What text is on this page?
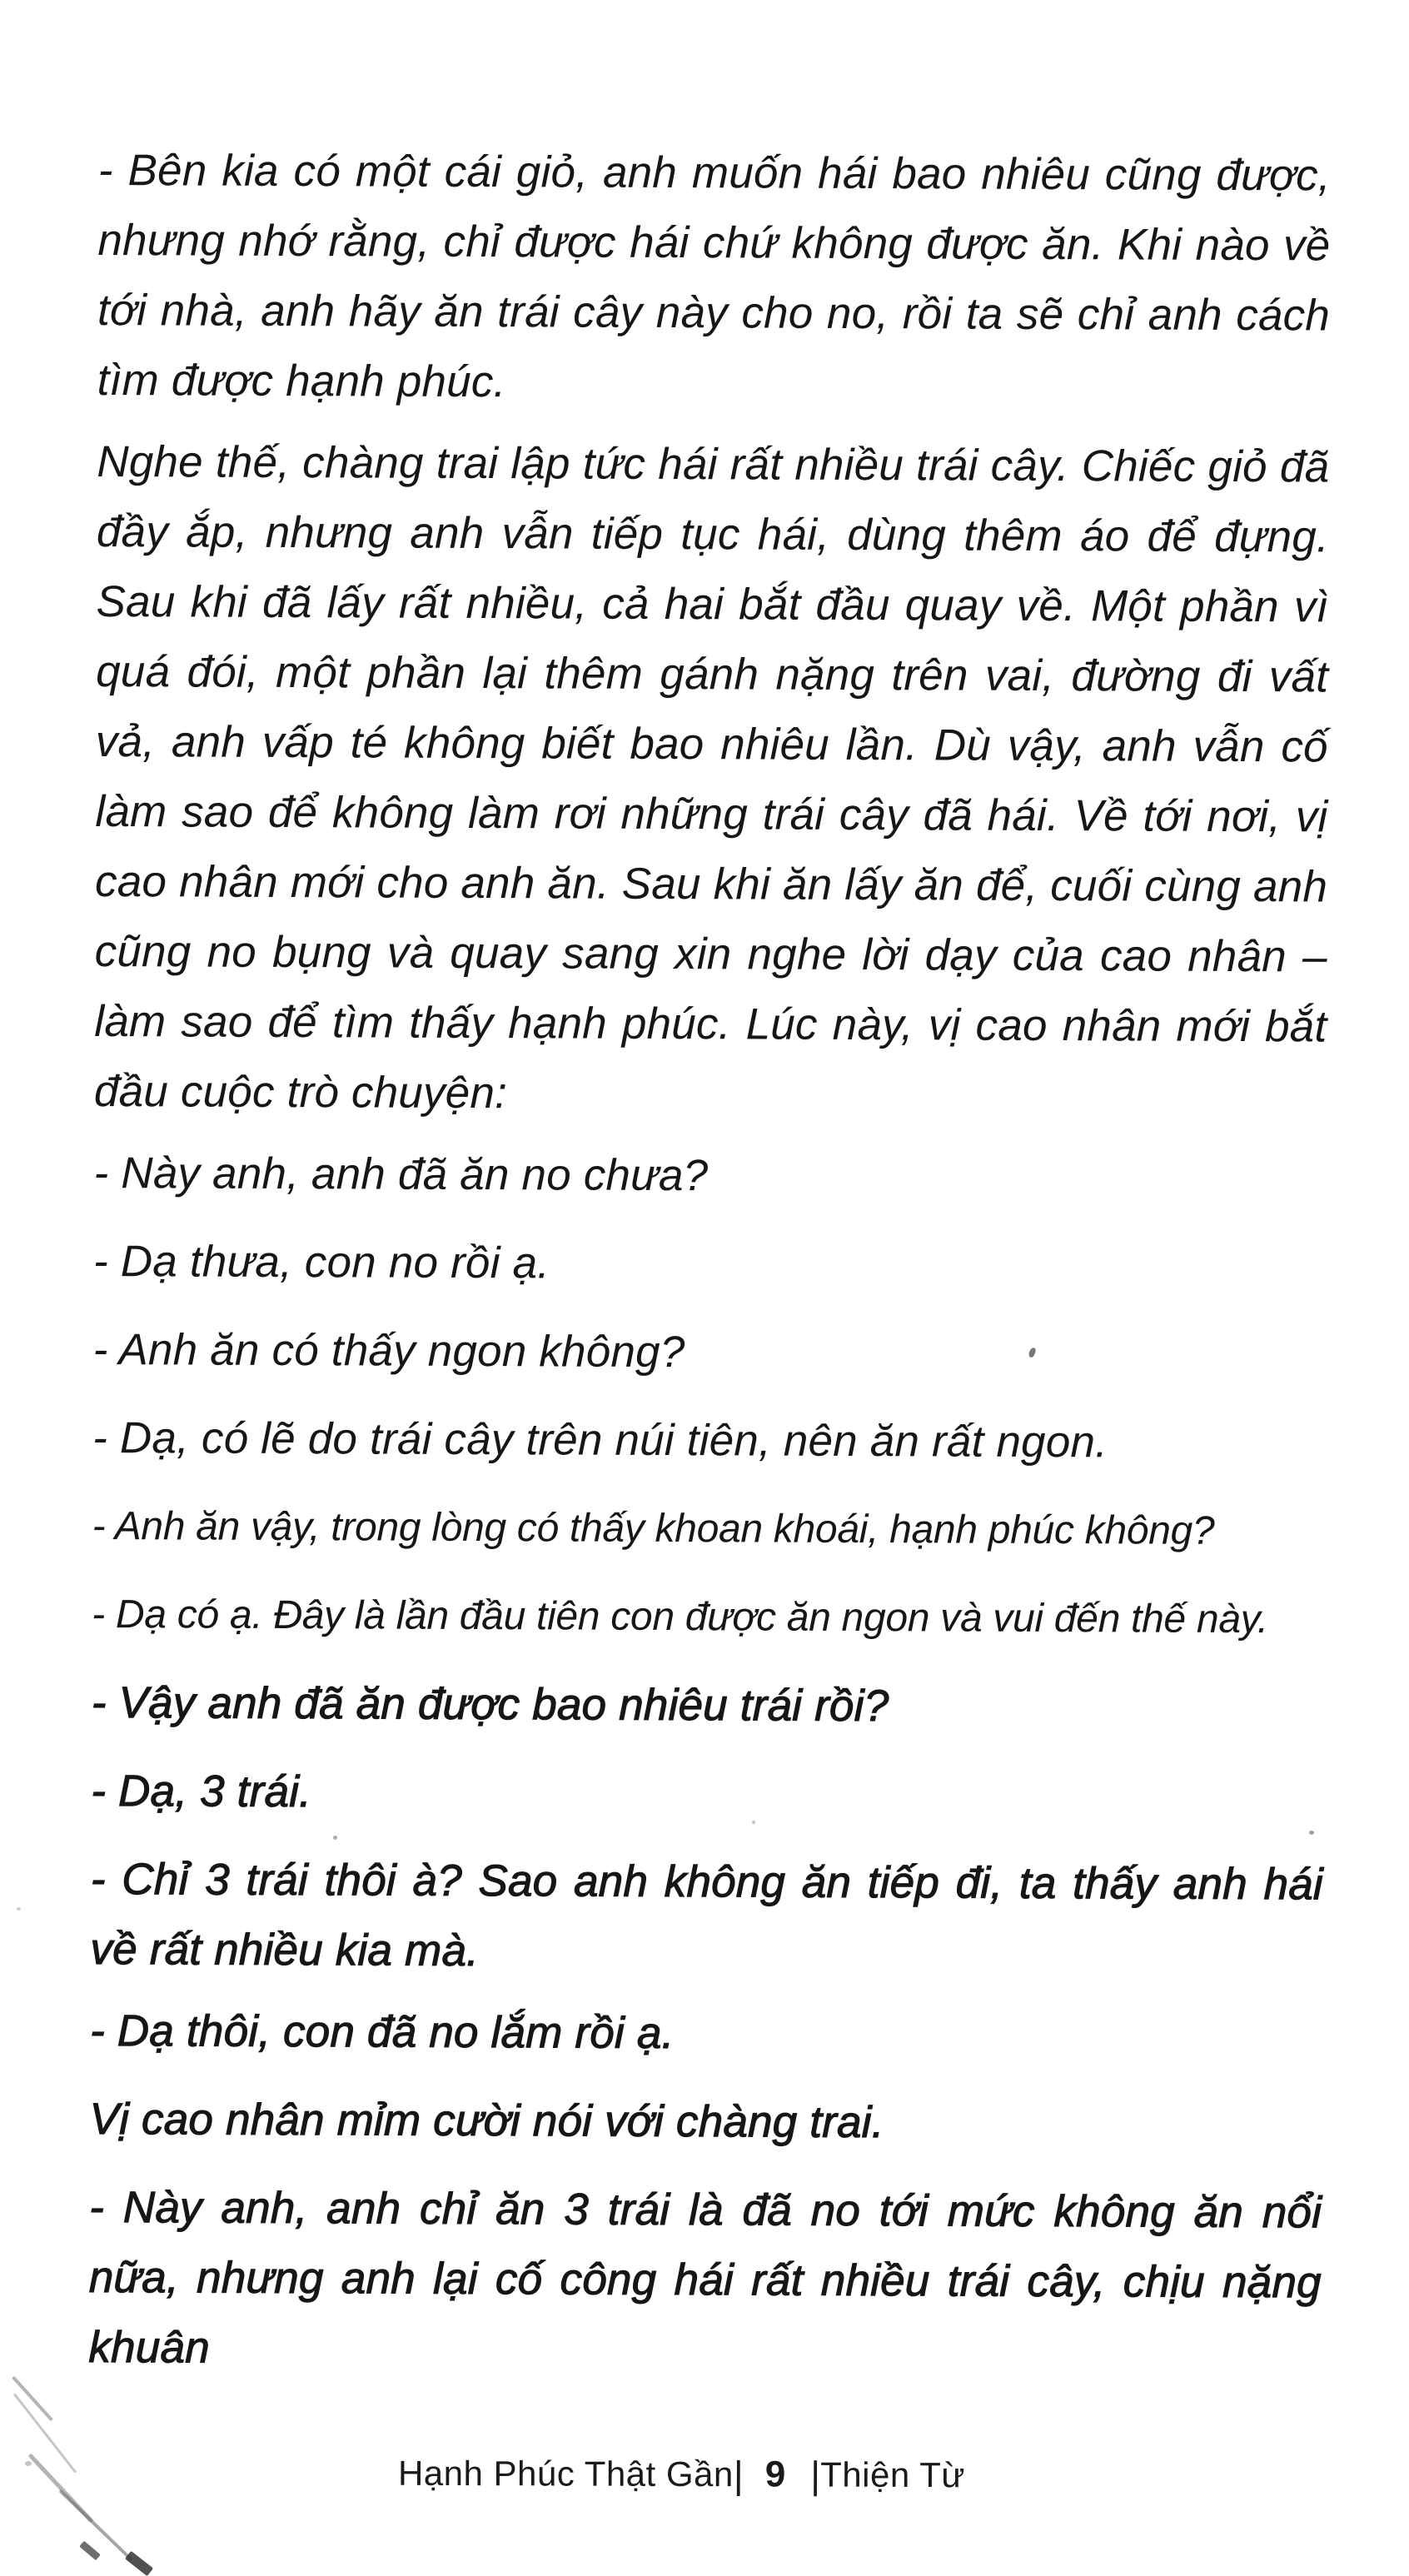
- Bên kia có một cái giỏ, anh muốn hái bao nhiêu cũng được, nhưng nhớ rằng, chỉ được hái chứ không được ăn. Khi nào về tới nhà, anh hãy ăn trái cây này cho no, rồi ta sẽ chỉ anh cách tìm được hạnh phúc.

Nghe thế, chàng trai lập tức hái rất nhiều trái cây. Chiếc giỏ đã đầy ắp, nhưng anh vẫn tiếp tục hái, dùng thêm áo để đựng. Sau khi đã lấy rất nhiều, cả hai bắt đầu quay về. Một phần vì quá đói, một phần lại thêm gánh nặng trên vai, đường đi vất vả, anh vấp té không biết bao nhiêu lần. Dù vậy, anh vẫn cố làm sao để không làm rơi những trái cây đã hái. Về tới nơi, vị cao nhân mới cho anh ăn. Sau khi ăn lấy ăn để, cuối cùng anh cũng no bụng và quay sang xin nghe lời dạy của cao nhân – làm sao để tìm thấy hạnh phúc. Lúc này, vị cao nhân mới bắt đầu cuộc trò chuyện:

- Này anh, anh đã ăn no chưa?

- Dạ thưa, con no rồi ạ.

- Anh ăn có thấy ngon không?

- Dạ, có lẽ do trái cây trên núi tiên, nên ăn rất ngon.

- Anh ăn vậy, trong lòng có thấy khoan khoái, hạnh phúc không?

- Dạ có ạ. Đây là lần đầu tiên con được ăn ngon và vui đến thế này.

- Vậy anh đã ăn được bao nhiêu trái rồi?

- Dạ, 3 trái.

- Chỉ 3 trái thôi à? Sao anh không ăn tiếp đi, ta thấy anh hái về rất nhiều kia mà.

- Dạ thôi, con đã no lắm rồi ạ.

Vị cao nhân mỉm cười nói với chàng trai.

- Này anh, anh chỉ ăn 3 trái là đã no tới mức không ăn nổi nữa, nhưng anh lại cố công hái rất nhiều trái cây, chịu nặng khuân

Hạnh Phúc Thật Gần | 9 | Thiện Từ
